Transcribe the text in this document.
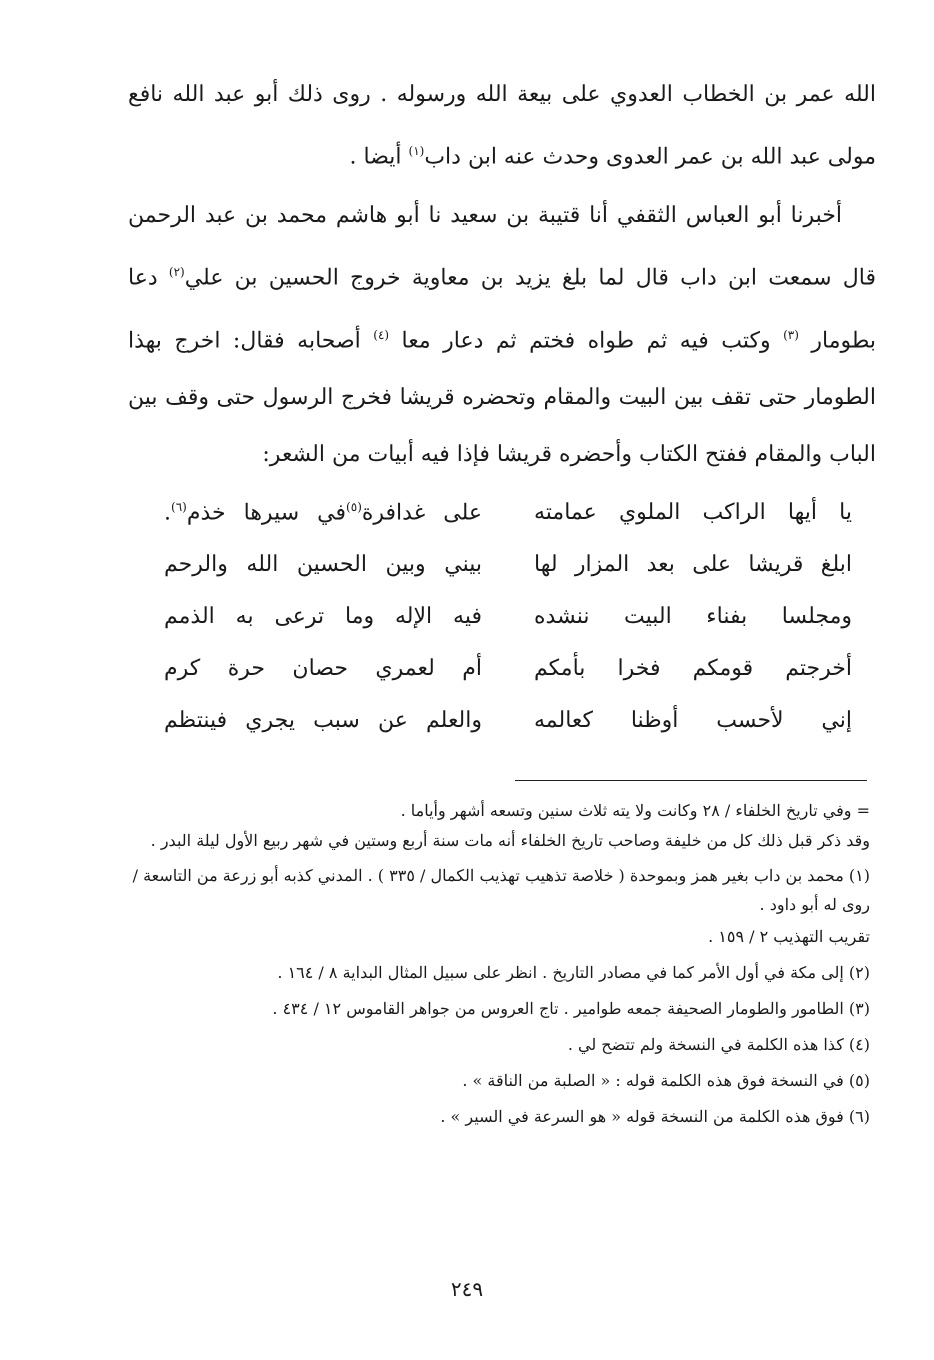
الله عمر بن الخطاب العدوي على بيعة الله ورسوله . روى ذلك أبو عبد الله نافع مولى عبد الله بن عمر العدوى وحدث عنه ابن داب$^{(١)}$ أيضا .

أخبرنا أبو العباس الثقفي أنا قتيبة بن سعيد نا أبو هاشم محمد بن عبد الرحمن قال سمعت ابن داب قال لما بلغ يزيد بن معاوية خروج الحسين بن علي$^{(٢)}$ دعا بطومار $^{(٣)}$ وكتب فيه ثم طواه فختم ثم دعار معا $^{(٤)}$ أصحابه فقال: اخرج بهذا الطومار حتى تقف بين البيت والمقام وتحضره قريشا فخرج الرسول حتى وقف بين الباب والمقام ففتح الكتاب وأحضره قريشا فإذا فيه أبيات من الشعر:

يا أيها الراكب الملوي عمامته
على غدافرة$^{(٥)}$في سيرها خذم$^{(٦)}$.
ابلغ قريشا على بعد المزار لها
بيني وبين الحسين الله والرحم
ومجلسا بفناء البيت ننشده
فيه الإله وما ترعى به الذمم
أخرجتم قومكم فخرا بأمكم
أم لعمري حصان حرة كرم
إني لأحسب أوظنا كعالمه
والعلم عن سبب يجري فينتظم

= وفي تاريخ الخلفاء / ٢٨ وكانت ولا يته ثلاث سنين وتسعه أشهر وأياما .

وقد ذكر قبل ذلك كل من خليفة وصاحب تاريخ الخلفاء أنه مات سنة أربع وستين في شهر ربيع الأول ليلة البدر .

(١) محمد بن داب بغير همز وبموحدة ( خلاصة تذهيب تهذيب الكمال / ٣٣٥ ) . المدني كذبه أبو زرعة من التاسعة / روى له أبو داود .

تقريب التهذيب ٢ / ١٥٩ .

(٢) إلى مكة في أول الأمر كما في مصادر التاريخ . انظر على سبيل المثال البداية ٨ / ١٦٤ .

(٣) الطامور والطومار الصحيفة جمعه طوامير . تاج العروس من جواهر القاموس ١٢ / ٤٣٤ .

(٤) كذا هذه الكلمة في النسخة ولم تتضح لي .

(٥) في النسخة فوق هذه الكلمة قوله : « الصلبة من الناقة » .

(٦) فوق هذه الكلمة من النسخة قوله « هو السرعة في السير » .

٢٤٩
